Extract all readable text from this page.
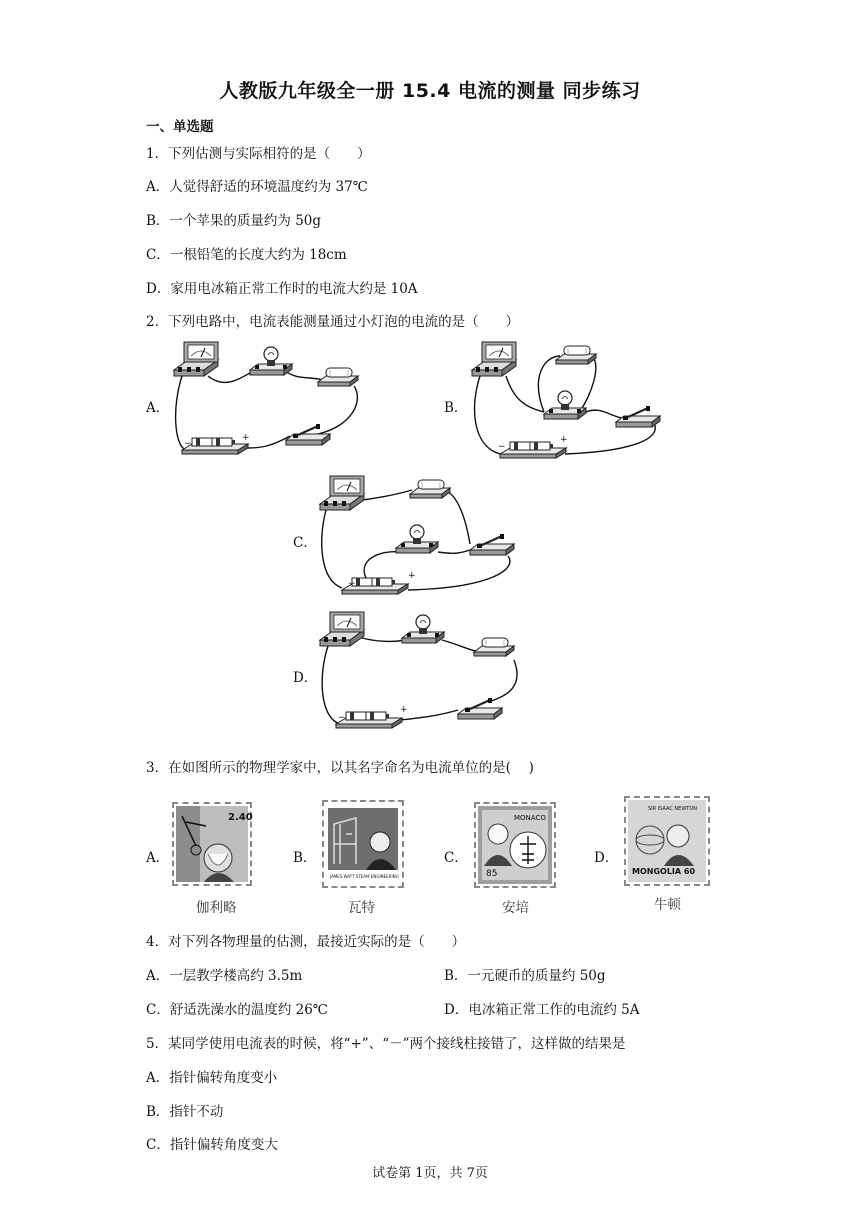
人教版九年级全一册 15.4 电流的测量 同步练习
一、单选题
1．下列估测与实际相符的是（　　）
A．人觉得舒适的环境温度约为 37℃
B．一个苹果的质量约为 50g
C．一根铅笔的长度大约为 18cm
D．家用电冰箱正常工作时的电流大约是 10A
2．下列电路中，电流表能测量通过小灯泡的电流的是（　　）
A．	B．
C．
D．
−
+
−
+
−
+
−
+
3．在如图所示的物理学家中，以其名字命名为电流单位的是(　 )
A．
2.40
伽利略
B．
JAMES WATT STEAM ENGINEERING
瓦特
C．
MONACO
85
安培
D．
SIR ISAAC NEWTON
MONGOLIA 60
牛顿
4．对下列各物理量的估测，最接近实际的是（　　）
A．一层教学楼高约 3.5m	B．一元硬币的质量约 50g
C．舒适洗澡水的温度约 26℃	D．电冰箱正常工作的电流约 5A
5．某同学使用电流表的时候，将“+”、“－”两个接线柱接错了，这样做的结果是
A．指针偏转角度变小
B．指针不动
C．指针偏转角度变大
试卷第 1页，共 7页
